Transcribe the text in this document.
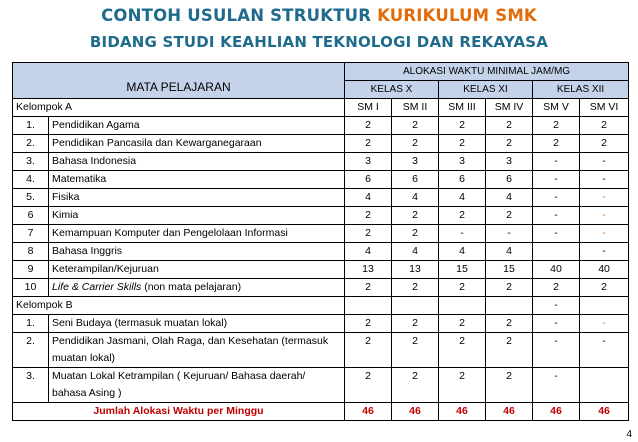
CONTOH USULAN STRUKTUR KURIKULUM SMK
BIDANG STUDI KEAHLIAN TEKNOLOGI DAN REKAYASA
MATA PELAJARAN		ALOKASI WAKTU MINIMAL JAM/MG					
		KELAS X		KELAS XI		KELAS XII	
Kelompok A		SM I	SM II	SM III	SM IV	SM V	SM VI
1.	Pendidikan Agama	2	2	2	2	2	2
2.	Pendidikan Pancasila dan Kewarganegaraan	2	2	2	2	2	2
3.	Bahasa Indonesia	3	3	3	3	-	-
4.	Matematika	6	6	6	6	-	-
5.	Fisika	4	4	4	4	-	-
6	Kimia	2	2	2	2	-	-
7	Kemampuan Komputer dan Pengelolaan Informasi	2	2	-	-	-	-
8	Bahasa Inggris	4	4	4	4		-
9	Keterampilan/Kejuruan	13	13	15	15	40	40
10	Life & Carrier Skills (non mata pelajaran)	2	2	2	2	2	2
Kelompok B						-	
1.	Seni Budaya (termasuk muatan lokal)	2	2	2	2	-	-
2.	Pendidikan Jasmani, Olah Raga, dan Kesehatan (termasuk muatan lokal)	2	2	2	2	-	-
3.	Muatan Lokal Ketrampilan ( Kejuruan/ Bahasa daerah/ bahasa Asing )	2	2	2	2	-	
Jumlah Alokasi Waktu per Minggu		46	46	46	46	46	46
4
